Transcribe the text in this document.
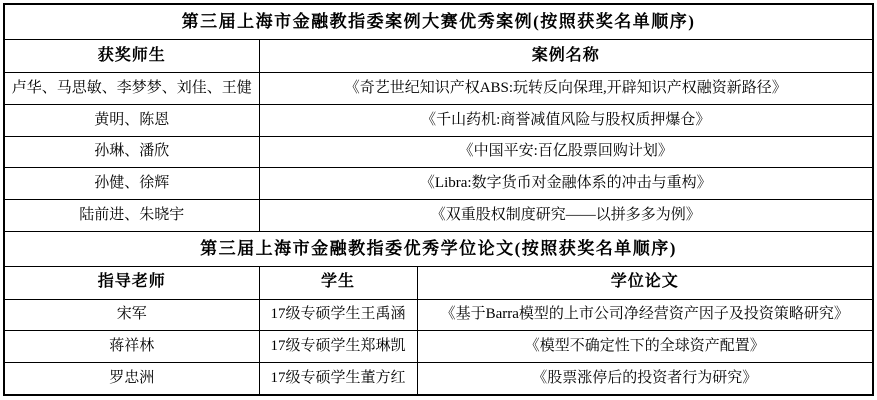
第三届上海市金融教指委案例大赛优秀案例(按照获奖名单顺序)		
获奖师生	案例名称	
卢华、马思敏、李梦梦、刘佳、王健	《奇艺世纪知识产权ABS:玩转反向保理,开辟知识产权融资新路径》	
黄明、陈恩	《千山药机:商誉减值风险与股权质押爆仓》	
孙琳、潘欣	《中国平安:百亿股票回购计划》	
孙健、徐辉	《Libra:数字货币对金融体系的冲击与重构》	
陆前进、朱晓宇	《双重股权制度研究——以拼多多为例》	
第三届上海市金融教指委优秀学位论文(按照获奖名单顺序)		
指导老师	学生	学位论文
宋军	17级专硕学生王禹涵	《基于Barra模型的上市公司净经营资产因子及投资策略研究》
蒋祥林	17级专硕学生郑琳凯	《模型不确定性下的全球资产配置》
罗忠洲	17级专硕学生董方红	《股票涨停后的投资者行为研究》
